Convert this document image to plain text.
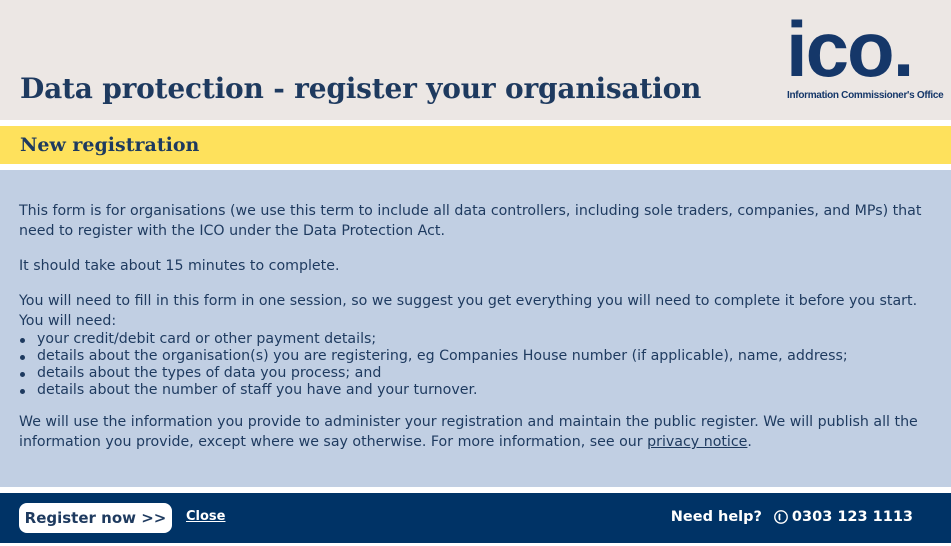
Data protection - register your organisation ico.
Information Commissioner's Office
New registration

This form is for organisations (we use this term to include all data controllers, including sole traders, companies, and MPs) that need to register with the ICO under the Data Protection Act.

It should take about 15 minutes to complete.

You will need to fill in this form in one session, so we suggest you get everything you will need to complete it before you start. You will need:

your credit/debit card or other payment details;
details about the organisation(s) you are registering, eg Companies House number (if applicable), name, address;
details about the types of data you process; and
details about the number of staff you have and your turnover.

We will use the information you provide to administer your registration and maintain the public register. We will publish all the information you provide, except where we say otherwise. For more information, see our privacy notice.

Register now >>	Close	Need help? 0303 123 1113
